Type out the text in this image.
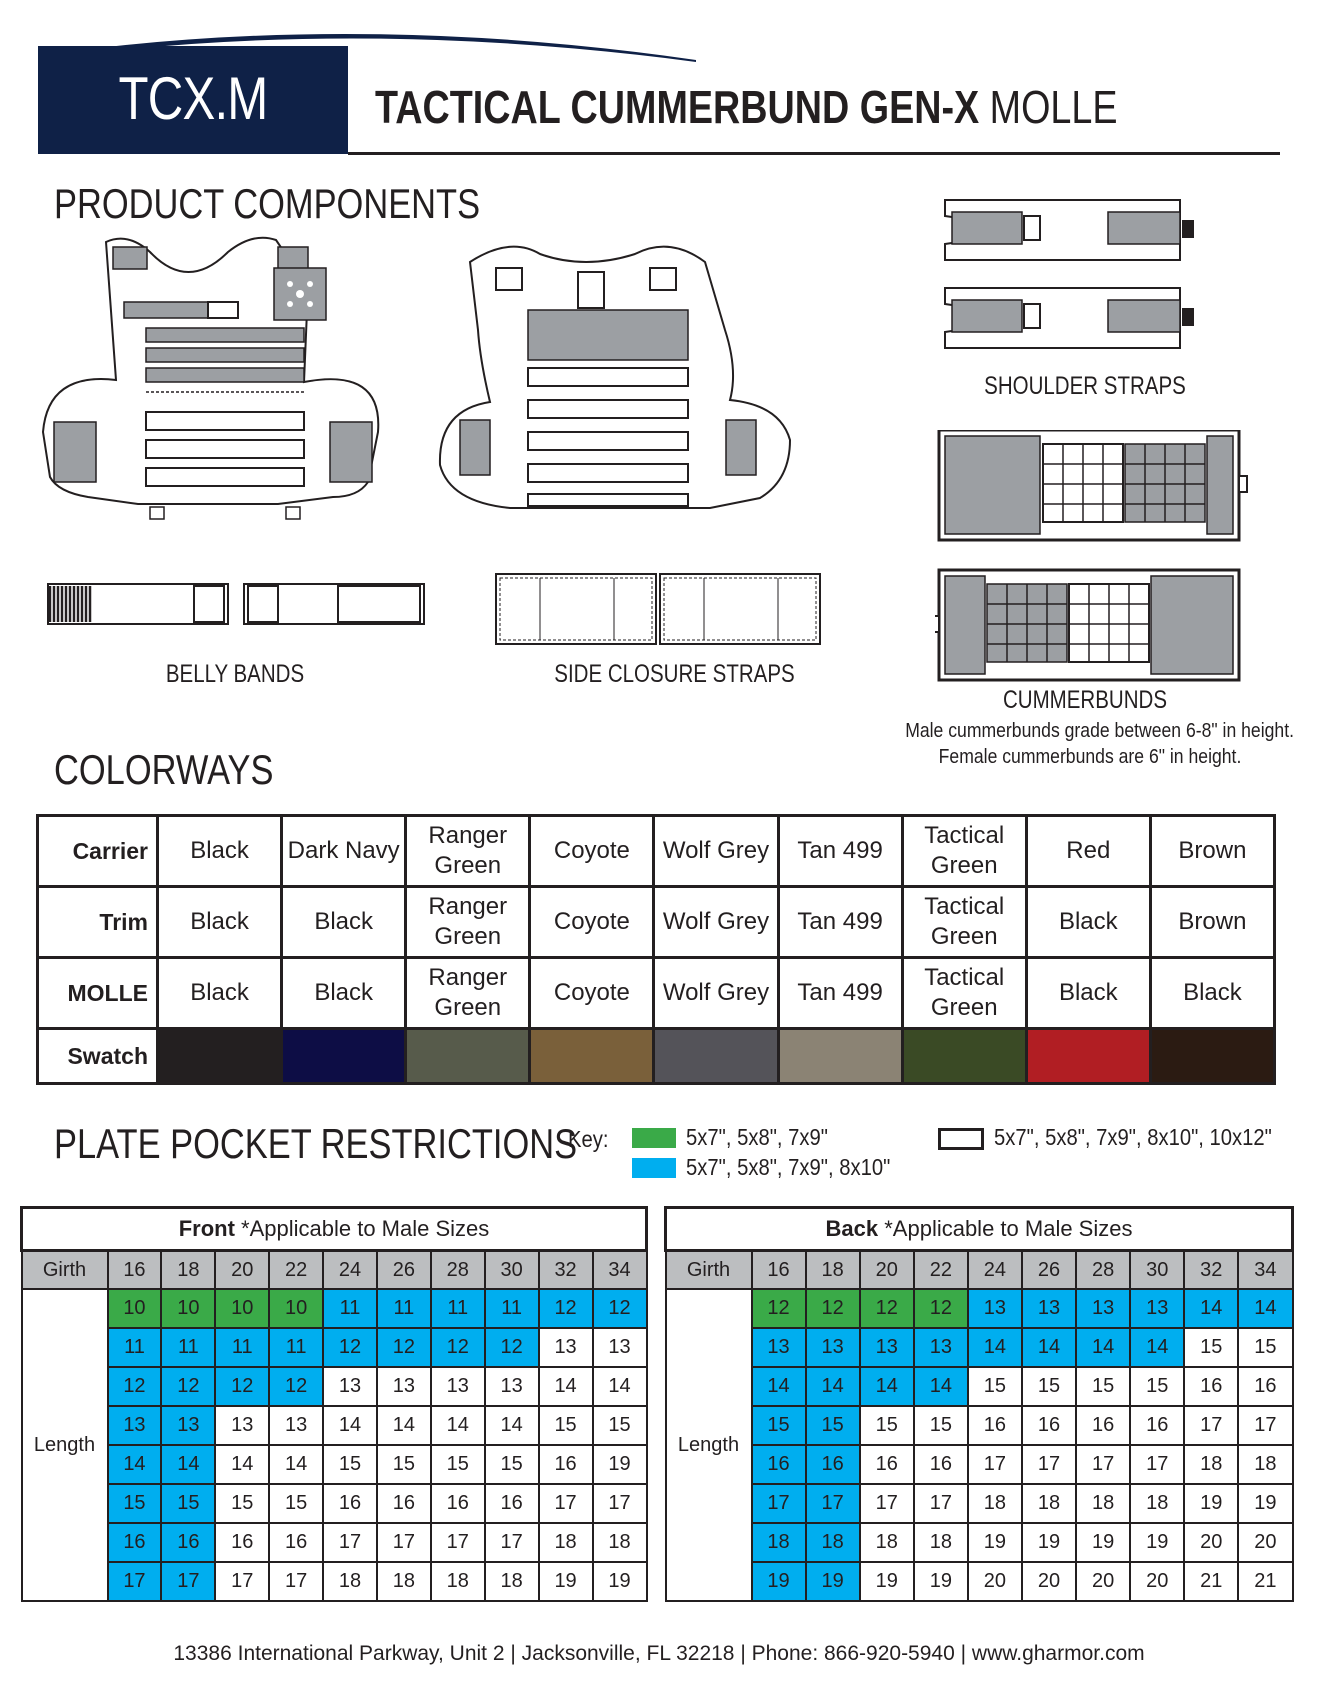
TCX.M	TACTICAL CUMMERBUND GEN-X MOLLE
PRODUCT COMPONENTS
SHOULDER STRAPS
CUMMERBUNDS
Male cummerbunds grade between 6-8" in height.
Female cummerbunds are 6" in height.
BELLY BANDS	SIDE CLOSURE STRAPS
COLORWAYS
Carrier	Black	Dark Navy	Ranger Green	Coyote	Wolf Grey	Tan 499	Tactical Green	Red	Brown
Trim	Black	Black	Ranger Green	Coyote	Wolf Grey	Tan 499	Tactical Green	Black	Brown
MOLLE	Black	Black	Ranger Green	Coyote	Wolf Grey	Tan 499	Tactical Green	Black	Black
Swatch									
PLATE POCKET RESTRICTIONS
Key:	5x7", 5x8", 7x9"
5x7", 5x8", 7x9", 8x10"
5x7", 5x8", 7x9", 8x10", 10x12"
Front *Applicable to Male Sizes										
Girth	16	18	20	22	24	26	28	30	32	34
Length	10	10	10	10	11	11	11	11	12	12
	11	11	11	11	12	12	12	12	13	13
	12	12	12	12	13	13	13	13	14	14
	13	13	13	13	14	14	14	14	15	15
	14	14	14	14	15	15	15	15	16	19
	15	15	15	15	16	16	16	16	17	17
	16	16	16	16	17	17	17	17	18	18
	17	17	17	17	18	18	18	18	19	19
Back *Applicable to Male Sizes										
Girth	16	18	20	22	24	26	28	30	32	34
Length	12	12	12	12	13	13	13	13	14	14
	13	13	13	13	14	14	14	14	15	15
	14	14	14	14	15	15	15	15	16	16
	15	15	15	15	16	16	16	16	17	17
	16	16	16	16	17	17	17	17	18	18
	17	17	17	17	18	18	18	18	19	19
	18	18	18	18	19	19	19	19	20	20
	19	19	19	19	20	20	20	20	21	21
13386 International Parkway, Unit 2 | Jacksonville, FL 32218 | Phone: 866-920-5940 | www.gharmor.com
